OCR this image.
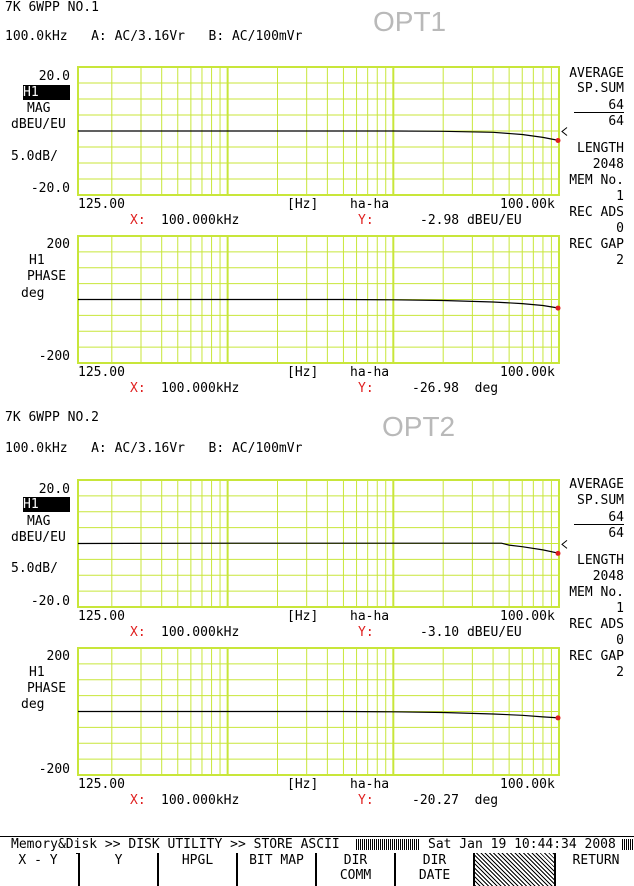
7K 6WPP NO.1	OPT1
100.0kHz   A: AC/3.16Vr   B: AC/100mVr
20.0
H1
MAG
dBEU/EU
5.0dB/
-20.0
125.00	[Hz] ha-ha	100.00k
X: 100.000kHz	Y:	-2.98 dBEU/EU
AVERAGE
SP.SUM
64
64
LENGTH
2048
MEM No.
1
REC ADS
0
REC GAP
2
200
H1
PHASE
deg
-200
125.00	[Hz] ha-ha	100.00k
X: 100.000kHz	Y:	-26.98  deg
7K 6WPP NO.2	OPT2
100.0kHz   A: AC/3.16Vr   B: AC/100mVr
20.0
H1
MAG
dBEU/EU
5.0dB/
-20.0
125.00	[Hz] ha-ha	100.00k
X: 100.000kHz	Y:	-3.10 dBEU/EU
AVERAGE
SP.SUM
64
64
LENGTH
2048
MEM No.
1
REC ADS
0
REC GAP
2
200
H1
PHASE
deg
-200
125.00	[Hz] ha-ha	100.00k
X: 100.000kHz	Y:	-20.27  deg
Memory&Disk >> DISK UTILITY >> STORE ASCII	Sat Jan 19 10:44:34 2008
X - Y	Y	HPGL	BIT MAP	DIR
COMM
DIR
DATE
RETURN
